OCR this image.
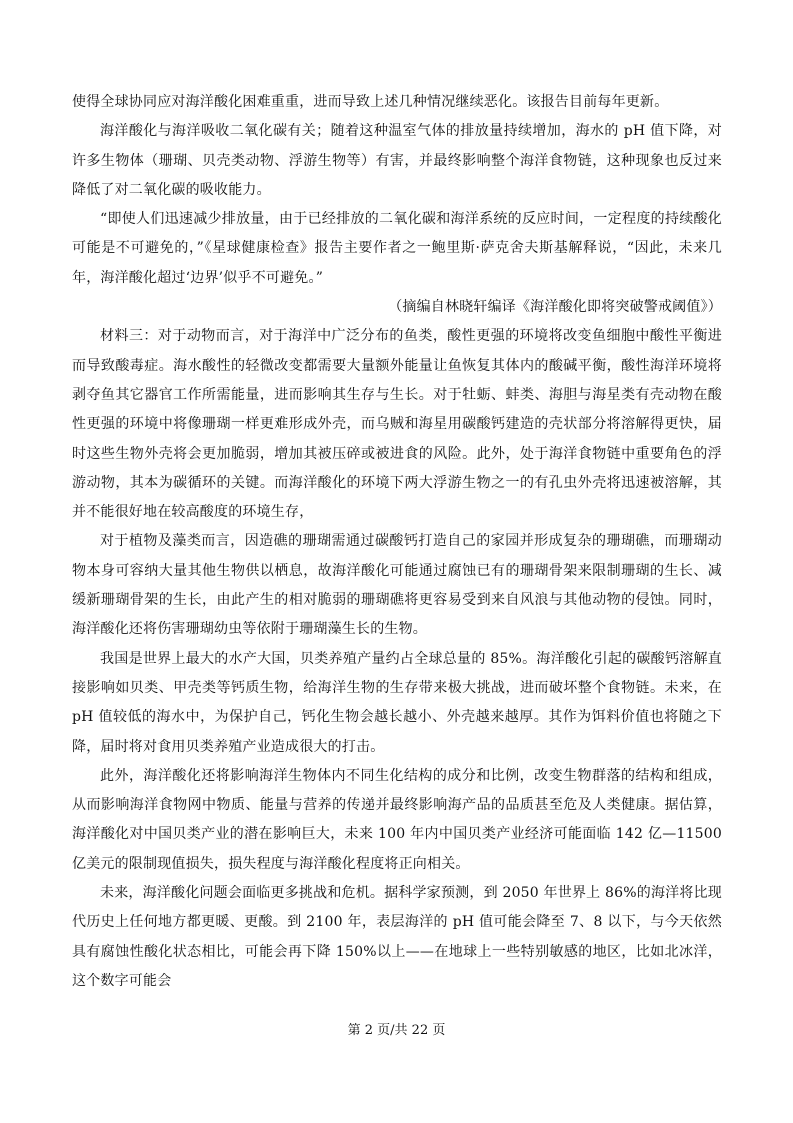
使得全球协同应对海洋酸化困难重重，进而导致上述几种情况继续恶化。该报告目前每年更新。

海洋酸化与海洋吸收二氧化碳有关；随着这种温室气体的排放量持续增加，海水的 pH 值下降，对许多生物体（珊瑚、贝壳类动物、浮游生物等）有害，并最终影响整个海洋食物链，这种现象也反过来降低了对二氧化碳的吸收能力。

“即使人们迅速减少排放量，由于已经排放的二氧化碳和海洋系统的反应时间，一定程度的持续酸化可能是不可避免的，”《星球健康检查》报告主要作者之一鲍里斯·萨克舍夫斯基解释说，“因此，未来几年，海洋酸化超过‘边界’似乎不可避免。”

（摘编自林晓轩编译《海洋酸化即将突破警戒阈值》）

材料三：对于动物而言，对于海洋中广泛分布的鱼类，酸性更强的环境将改变鱼细胞中酸性平衡进而导致酸毒症。海水酸性的轻微改变都需要大量额外能量让鱼恢复其体内的酸碱平衡，酸性海洋环境将剥夺鱼其它器官工作所需能量，进而影响其生存与生长。对于牡蛎、蚌类、海胆与海星类有壳动物在酸性更强的环境中将像珊瑚一样更难形成外壳，而乌贼和海星用碳酸钙建造的壳状部分将溶解得更快，届时这些生物外壳将会更加脆弱，增加其被压碎或被进食的风险。此外，处于海洋食物链中重要角色的浮游动物，其本为碳循环的关键。而海洋酸化的环境下两大浮游生物之一的有孔虫外壳将迅速被溶解，其并不能很好地在较高酸度的环境生存，

对于植物及藻类而言，因造礁的珊瑚需通过碳酸钙打造自己的家园并形成复杂的珊瑚礁，而珊瑚动物本身可容纳大量其他生物供以栖息，故海洋酸化可能通过腐蚀已有的珊瑚骨架来限制珊瑚的生长、减缓新珊瑚骨架的生长，由此产生的相对脆弱的珊瑚礁将更容易受到来自风浪与其他动物的侵蚀。同时，海洋酸化还将伤害珊瑚幼虫等依附于珊瑚藻生长的生物。

我国是世界上最大的水产大国，贝类养殖产量约占全球总量的 85%。海洋酸化引起的碳酸钙溶解直接影响如贝类、甲壳类等钙质生物，给海洋生物的生存带来极大挑战，进而破坏整个食物链。未来，在 pH 值较低的海水中，为保护自己，钙化生物会越长越小、外壳越来越厚。其作为饵料价值也将随之下降，届时将对食用贝类养殖产业造成很大的打击。

此外，海洋酸化还将影响海洋生物体内不同生化结构的成分和比例，改变生物群落的结构和组成，从而影响海洋食物网中物质、能量与营养的传递并最终影响海产品的品质甚至危及人类健康。据估算，海洋酸化对中国贝类产业的潜在影响巨大，未来 100 年内中国贝类产业经济可能面临 142 亿—11500 亿美元的限制现值损失，损失程度与海洋酸化程度将正向相关。

未来，海洋酸化问题会面临更多挑战和危机。据科学家预测，到 2050 年世界上 86%的海洋将比现代历史上任何地方都更暖、更酸。到 2100 年，表层海洋的 pH 值可能会降至 7、8 以下，与今天依然具有腐蚀性酸化状态相比，可能会再下降 150%以上——在地球上一些特别敏感的地区，比如北冰洋，这个数字可能会

第 2 页/共 22 页
